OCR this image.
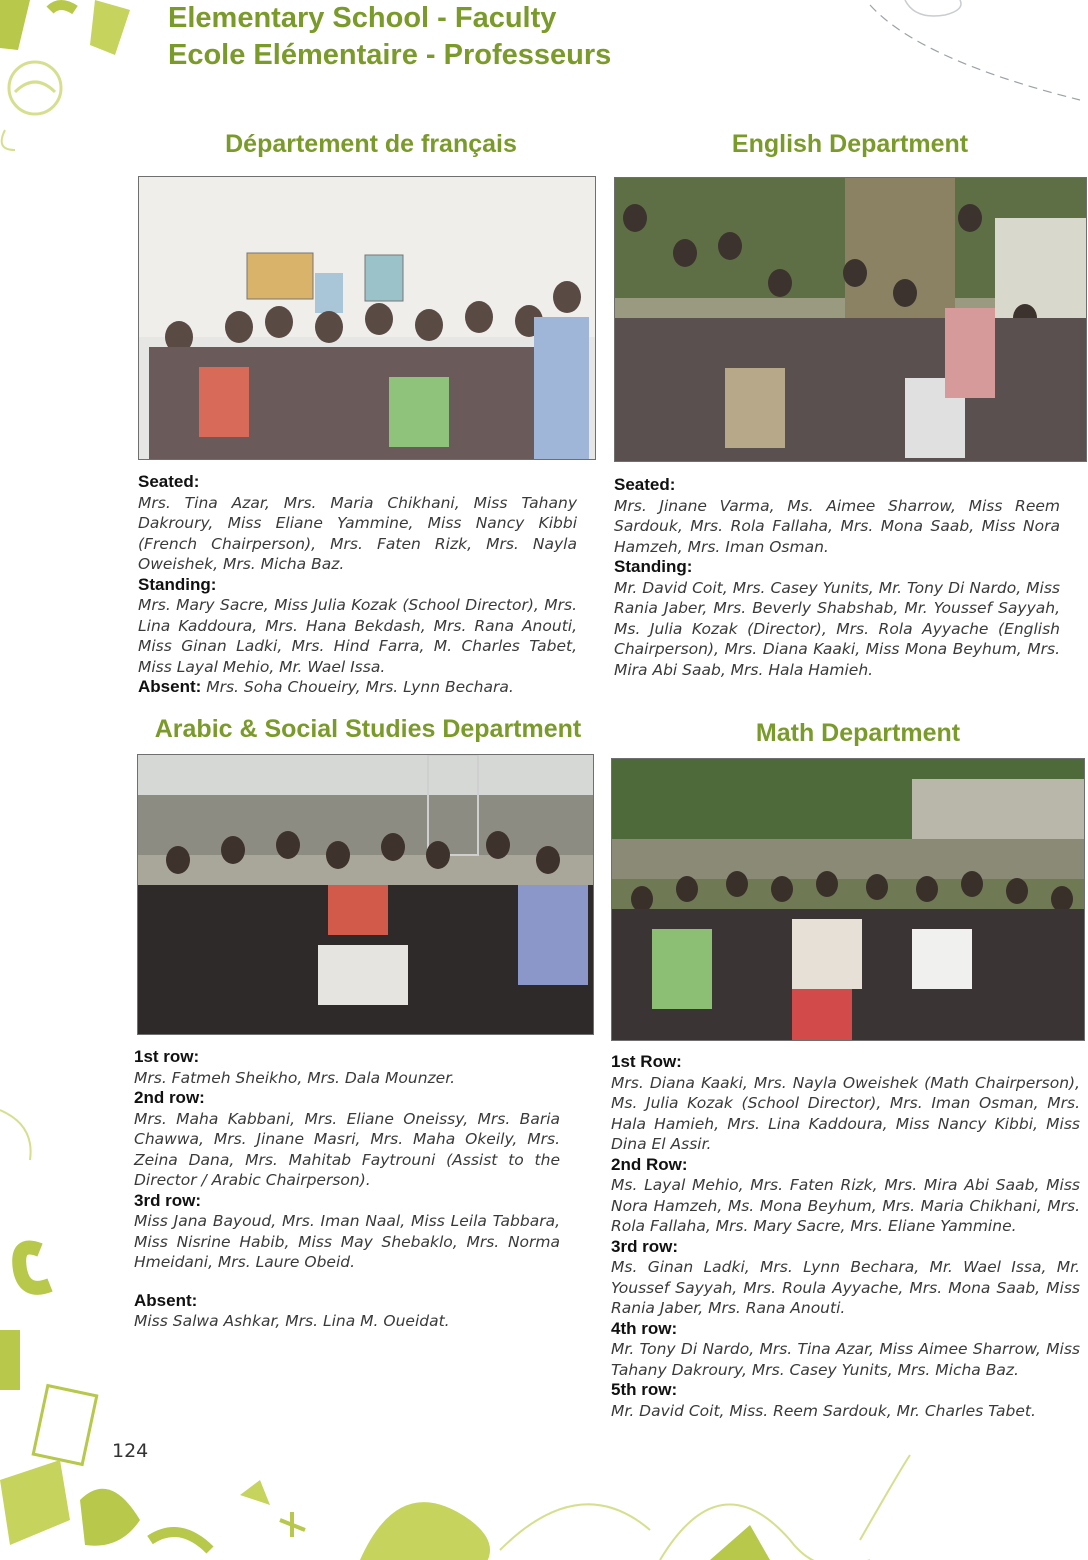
Elementary School - Faculty
Ecole Elémentaire - Professeurs
Département de français
Seated:
Mrs. Tina Azar, Mrs. Maria Chikhani, Miss Tahany Dakroury, Miss Eliane Yammine, Miss Nancy Kibbi (French Chairperson), Mrs. Faten Rizk, Mrs. Nayla Oweishek, Mrs. Micha Baz.
Standing:
Mrs. Mary Sacre, Miss Julia Kozak (School Director), Mrs. Lina Kaddoura, Mrs. Hana Bekdash, Mrs. Rana Anouti, Miss Ginan Ladki, Mrs. Hind Farra, M. Charles Tabet, Miss Layal Mehio, Mr. Wael Issa.
Absent: Mrs. Soha Choueiry, Mrs. Lynn Bechara.
English Department
Seated:
Mrs. Jinane Varma, Ms. Aimee Sharrow, Miss Reem Sardouk, Mrs. Rola Fallaha, Mrs. Mona Saab, Miss Nora Hamzeh, Mrs. Iman Osman.
Standing:
Mr. David Coit, Mrs. Casey Yunits, Mr. Tony Di Nardo, Miss Rania Jaber, Mrs. Beverly Shabshab, Mr. Youssef Sayyah, Ms. Julia Kozak (Director), Mrs. Rola Ayyache (English Chairperson), Mrs. Diana Kaaki, Miss Mona Beyhum, Mrs. Mira Abi Saab, Mrs. Hala Hamieh.
Arabic & Social Studies Department
1st row:
Mrs. Fatmeh Sheikho, Mrs. Dala Mounzer.
2nd row:
Mrs. Maha Kabbani, Mrs. Eliane Oneissy, Mrs. Baria Chawwa, Mrs. Jinane Masri, Mrs. Maha Okeily, Mrs. Zeina Dana, Mrs. Mahitab Faytrouni (Assist to the Director / Arabic Chairperson).
3rd row:
Miss Jana Bayoud, Mrs. Iman Naal, Miss Leila Tabbara, Miss Nisrine Habib, Miss May Shebaklo, Mrs. Norma Hmeidani, Mrs. Laure Obeid.
Absent:
Miss Salwa Ashkar, Mrs. Lina M. Oueidat.
Math Department
1st Row:
Mrs. Diana Kaaki, Mrs. Nayla Oweishek (Math Chairperson), Ms. Julia Kozak (School Director), Mrs. Iman Osman, Mrs. Hala Hamieh, Mrs. Lina Kaddoura, Miss Nancy Kibbi, Miss Dina El Assir.
2nd Row:
Ms. Layal Mehio, Mrs. Faten Rizk, Mrs. Mira Abi Saab, Miss Nora Hamzeh, Ms. Mona Beyhum, Mrs. Maria Chikhani, Mrs. Rola Fallaha, Mrs. Mary Sacre, Mrs. Eliane Yammine.
3rd row:
Ms. Ginan Ladki, Mrs. Lynn Bechara, Mr. Wael Issa, Mr. Youssef Sayyah, Mrs. Roula Ayyache, Mrs. Mona Saab, Miss Rania Jaber, Mrs. Rana Anouti.
4th row:
Mr. Tony Di Nardo, Mrs. Tina Azar, Miss Aimee Sharrow, Miss Tahany Dakroury, Mrs. Casey Yunits, Mrs. Micha Baz.
5th row:
Mr. David Coit, Miss. Reem Sardouk, Mr. Charles Tabet.
124
